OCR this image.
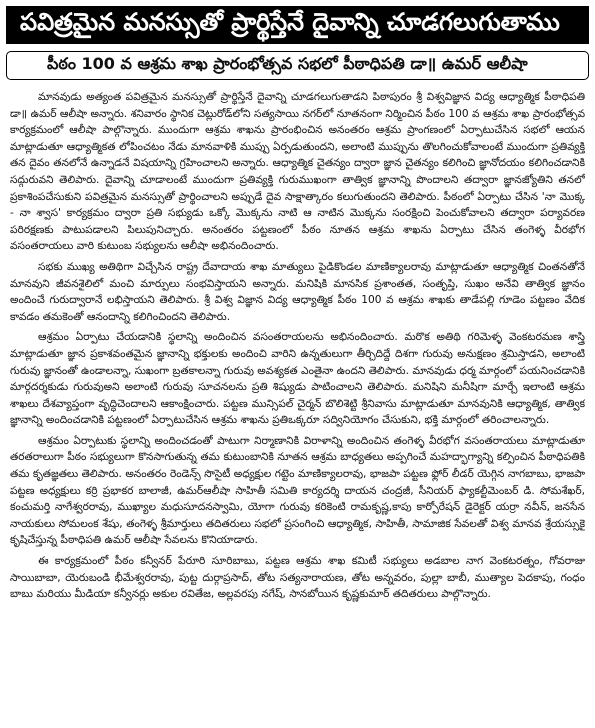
పవిత్రమైన మనస్సుతో ప్రార్థిస్తేనే దైవాన్ని చూడగలుగుతాము
పీఠం 100 వ ఆశ్రమ శాఖ ప్రారంభోత్సవ సభలో పీఠాధిపతి డా॥ ఉమర్ ఆలీషా

మానవుడు అత్యంత పవిత్రమైన మనస్సుతో ప్రార్థిస్తేనే దైవాన్ని చూడగలుగుతాడని పిఠాపురం శ్రీ విశ్వవిజ్ఞాన విద్య ఆధ్యాత్మిక పీఠాధిపతి డా॥ ఉమర్ ఆలీషా అన్నారు. శనివారం స్థానిక చెట్లురోడ్‌లోని సత్యసాయి నగర్‌లో నూతనంగా నిర్మించిన పీఠం 100 వ ఆశ్రమ శాఖ ప్రారంభోత్సవ కార్యక్రమంలో ఆలీషా పాల్గొన్నారు. ముందుగా ఆశ్రమ శాఖను ప్రారంభించిన అనంతరం ఆశ్రమ ప్రాంగణంలో ఏర్పాటుచేసిన సభలో ఆయన మాట్లాడుతూ ఆధ్యాత్మికత లోపించటం నేడు మానవాళికి ముప్పు ఏర్పడుతుందని, అలాంటి ముప్పును తొలగించుకోవాలంటే ముందుగా ప్రతివ్యక్తి తన దైవం తనలోనే ఉన్నాడనే విషయాన్ని గ్రహించాలని అన్నారు. ఆధ్యాత్మిక చైతన్యం ద్వారా జ్ఞాన చైతన్యం కలిగించి జ్ఞానోదయం కలిగించడానికి సద్గురువని తెలిపారు. దైవాన్ని చూడాలంటే ముందుగా ప్రతివ్యక్తి గురుముఖంగా తాత్విక జ్ఞానాన్ని పొందాలని తద్వారా జ్ఞానజ్యోతిని తనలో ప్రకాశింపచేసుకుని పవిత్రమైన మనస్సుతో ప్రార్థించాలని అప్పుడే దైవ సాక్షాత్కారం కలుగుతుందని తెలిపారు. పీఠంలో ఏర్పాటు చేసిన 'నా మొక్క - నా శ్వాస' కార్యక్రమం ద్వారా ప్రతి సభ్యుడు ఒక్కో మొక్కను నాటి ఆ నాటిన మొక్కను సంరక్షించి పెంచుకోవాలని తద్వారా పర్యావరణ పరిరక్షణకు పాటుపడాలని పిలుపునిచ్చారు. అనంతరం పట్టణంలో పీఠం నూతన ఆశ్రమ శాఖను ఏర్పాటు చేసిన తంగెళ్ళ వీరభోగ వసంతరాయలు వారి కుటుంబ సభ్యులను ఆలీషా అభినందించారు.

సభకు ముఖ్య అతిథిగా విచ్చేసిన రాష్ట్ర దేవాదాయ శాఖ మాత్యులు పైడికొండల మాణిక్యాలరావు మాట్లాడుతూ ఆధ్యాత్మిక చింతనతోనే మానవుని జీవనశైలిలో మంచి మార్పులు సంభవిస్తాయని అన్నారు. మనిషికి మానసిక ప్రశాంతత, సంతృప్తి, సుఖం అనేవి తాత్విక జ్ఞానం అందించే గురుద్వారానే లభిస్తాయని తెలిపారు. శ్రీ విశ్వ విజ్ఞాన విద్య ఆధ్యాత్మిక పీఠం 100 వ ఆశ్రమ శాఖకు తాడేపల్లి గూడెం పట్టణం వేదిక కావడం తమకెంతో ఆనందాన్ని కలిగించిందని తెలిపారు.

ఆశ్రమం ఏర్పాటు చేయడానికి స్థలాన్ని అందించిన వసంతరాయలను అభినందించారు. మరొక అతిథి గరిమెళ్ళ వెంకటరమణ శాస్త్రి మాట్లాడుతూ జ్ఞాన ప్రకాశవంతమైన జ్ఞానాన్ని భక్తులకు అందించి వారిని ఉన్నతులుగా తీర్చిదిద్దే దిశగా గురువు అనుక్షణం శ్రమిస్తాడని, అలాంటి గురువు జ్ఞానంతో ఉండాలన్నా, సుఖంగా బ్రతకాలన్నా గురువు అవశ్యకత ఎంతైనా ఉందని తెలిపారు. మానవుడు ధర్మ మార్గంలో పయనించడానికి మార్గదర్శకుడు గురువుఅని అలాంటి గురువు సూచనలను ప్రతి శిష్యుడు పాటించాలని తెలిపారు. మనిషిని మనీషిగా మార్చే ఇలాంటి ఆశ్రమ శాఖలు దేశవ్యాప్తంగా వృద్ధిచెందాలని ఆకాంక్షించారు. పట్టణ మున్సిపల్ చైర్మన్ బొలిశెట్టి శ్రీనివాసు మాట్లాడుతూ మానవునికి ఆధ్యాత్మిక, తాత్విక జ్ఞానాన్ని అందించడానికి పట్టణంలో ఏర్పాటుచేసిన ఆశ్రమ శాఖను ప్రతిఒక్కరూ సద్వినియోగం చేసుకుని, భక్తి మార్గంలో తరించాలన్నారు.

ఆశ్రమం ఏర్పాటుకు స్థలాన్ని అందించడంతో పాటుగా నిర్మాణానికి విరాళాన్ని అందించిన తంగెళ్ళ వీరభోగ వసంతరాయలు మాట్లాడుతూ తరతరాలుగా పీఠం సభ్యులుగా కొనసాగుతున్న తమ కుటుంబానికి నూతన ఆశ్రమ బాధ్యతలు అప్పగించే మహద్భాగ్యాన్ని కల్పించిన పీఠాధిపతికి తమ కృతజ్ఞతలు తెలిపారు. అనంతరం రెండెన్స్ సొసైటీ అధ్యక్షుల గట్టెం మాణిక్యాలరావు, భాజపా పట్టణ ఫ్లోర్ లీడర్ యెగ్గిన నాగబాబు, భాజపా పట్టణ అధ్యక్షులు కర్రి ప్రభాకర బాలాజీ, ఉమర్‌ఆలీషా సాహితీ సమితి కార్యదర్శి దాయన చంద్రజీ, సీనియర్ ఫ్యాకల్టీమెంబర్ డి. సోమశేఖర్, కంచుమర్తి నాగేశ్వరరావు, ముఖ్యాల మధుసూదనస్వామి, యోగా గురువు కరికెంటి రామకృష్ణ,కాపు కార్పోరేషన్ డైరెక్టర్ యర్రా నవీన్, జనసేన నాయకులు సోమలంక శేషు, తంగెళ్ళ శ్రీమార్తులు తదితరులు సభలో ప్రసంగించి ఆధ్యాత్మిక, సాహితీ, సామాజిక సేవలతో విశ్వ మానవ శ్రేయస్సుకై కృషిచేస్తున్న పీఠాధిపతి ఉమర్ ఆలీషా సేవలను కొనియాడారు.

ఈ కార్యక్రమంలో పీఠం కన్వీనర్ పేరూరి సూరిబాబు, పట్టణ ఆశ్రమ శాఖ కమిటీ సభ్యులు అడబాల నాగ వెంకటరత్నం, గోవరాజు సాయిబాబా, యెరుబండి భీమేశ్వరరావు, పుట్ట దుర్గాప్రసాద్, తోట సత్యనారాయణ, తోట అన్నవరం, పుల్లా బాబీ, ముత్యాల పెదకాపు, గంధం బాబు మరియు మీడియా కన్వీనర్లు అకుల రవితేజ, అల్లవరపు నగేష్, సానబోయిన కృష్ణకుమార్ తదితరులు పాల్గొన్నారు.
